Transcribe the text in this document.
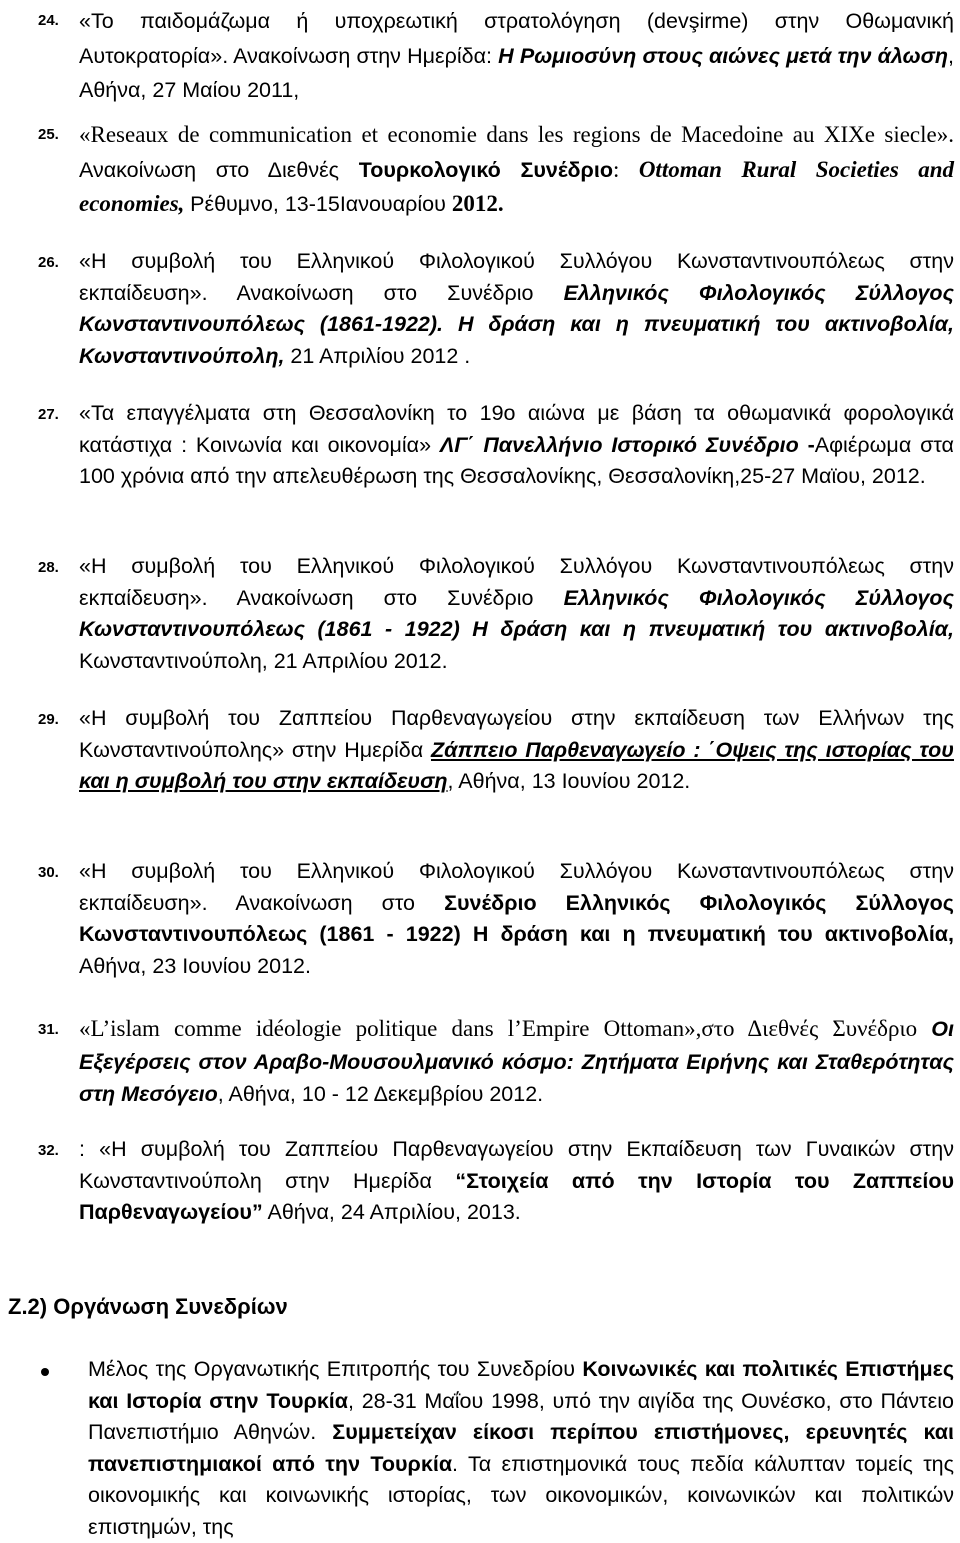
24. «Το παιδομάζωμα ή υποχρεωτική στρατολόγηση (devşirme) στην Οθωμανική Αυτοκρατορία». Ανακοίνωση στην Ημερίδα: Η Ρωμιοσύνη στους αιώνες μετά την άλωση, Αθήνα, 27 Μαίου 2011,
25. «Reseaux de communication et economie dans les regions de Macedoine au XIXe siecle». Ανακοίνωση στο Διεθνές Τουρκολογικό Συνέδριο: Ottoman Rural Societies and economies, Ρέθυμνο, 13-15Ιανουαρίου 2012.
26. «Η συμβολή του Ελληνικού Φιλολογικού Συλλόγου Κωνσταντινουπόλεως στην εκπαίδευση». Ανακοίνωση στο Συνέδριο Ελληνικός Φιλολογικός Σύλλογος Κωνσταντινουπόλεως (1861-1922). Η δράση και η πνευματική του ακτινοβολία, Κωνσταντινούπολη, 21 Απριλίου 2012 .
27. «Τα επαγγέλματα στη Θεσσαλονίκη το 19ο αιώνα με βάση τα οθωμανικά φορολογικά κατάστιχα : Κοινωνία και οικονομία» ΛΓ΄ Πανελλήνιο Ιστορικό Συνέδριο -Αφιέρωμα στα 100 χρόνια από την απελευθέρωση της Θεσσαλονίκης, Θεσσαλονίκη,25-27 Μαϊου, 2012.
28. «Η συμβολή του Ελληνικού Φιλολογικού Συλλόγου Κωνσταντινουπόλεως στην εκπαίδευση». Ανακοίνωση στο Συνέδριο Ελληνικός Φιλολογικός Σύλλογος Κωνσταντινουπόλεως (1861 - 1922) Η δράση και η πνευματική του ακτινοβολία, Κωνσταντινούπολη, 21 Απριλίου 2012.
29. «Η συμβολή του Ζαππείου Παρθεναγωγείου στην εκπαίδευση των Ελλήνων της Κωνσταντινούπολης» στην Ημερίδα Ζάππειο Παρθεναγωγείο : ΄Οψεις της ιστορίας του και η συμβολή του στην εκπαίδευση, Αθήνα, 13 Ιουνίου 2012.
30. «Η συμβολή του Ελληνικού Φιλολογικού Συλλόγου Κωνσταντινουπόλεως στην εκπαίδευση». Ανακοίνωση στο Συνέδριο Ελληνικός Φιλολογικός Σύλλογος Κωνσταντινουπόλεως (1861 - 1922) Η δράση και η πνευματική του ακτινοβολία, Αθήνα, 23 Ιουνίου 2012.
31. «L’islam comme idéologie politique dans l’Empire Ottoman»,στο Διεθνές Συνέδριο Οι Εξεγέρσεις στον Αραβο-Μουσουλμανικό κόσμο: Ζητήματα Ειρήνης και Σταθερότητας στη Μεσόγειο, Αθήνα, 10 - 12 Δεκεμβρίου 2012.
32. : «Η συμβολή του Ζαππείου Παρθεναγωγείου στην Εκπαίδευση των Γυναικών στην Κωνσταντινούπολη στην Ημερίδα “Στοιχεία από την Ιστορία του Ζαππείου Παρθεναγωγείου” Αθήνα, 24 Απριλίου, 2013.
Ζ.2) Οργάνωση Συνεδρίων
Μέλος της Οργανωτικής Επιτροπής του Συνεδρίου Κοινωνικές και πολιτικές Επιστήμες και Ιστορία στην Τουρκία, 28-31 Μαΐου 1998, υπό την αιγίδα της Ουνέσκο, στο Πάντειο Πανεπιστήμιο Αθηνών. Συμμετείχαν είκοσι περίπου επιστήμονες, ερευνητές και πανεπιστημιακοί από την Τουρκία. Τα επιστημονικά τους πεδία κάλυπταν τομείς της οικονομικής και κοινωνικής ιστορίας, των οικονομικών, κοινωνικών και πολιτικών επιστημών, της
